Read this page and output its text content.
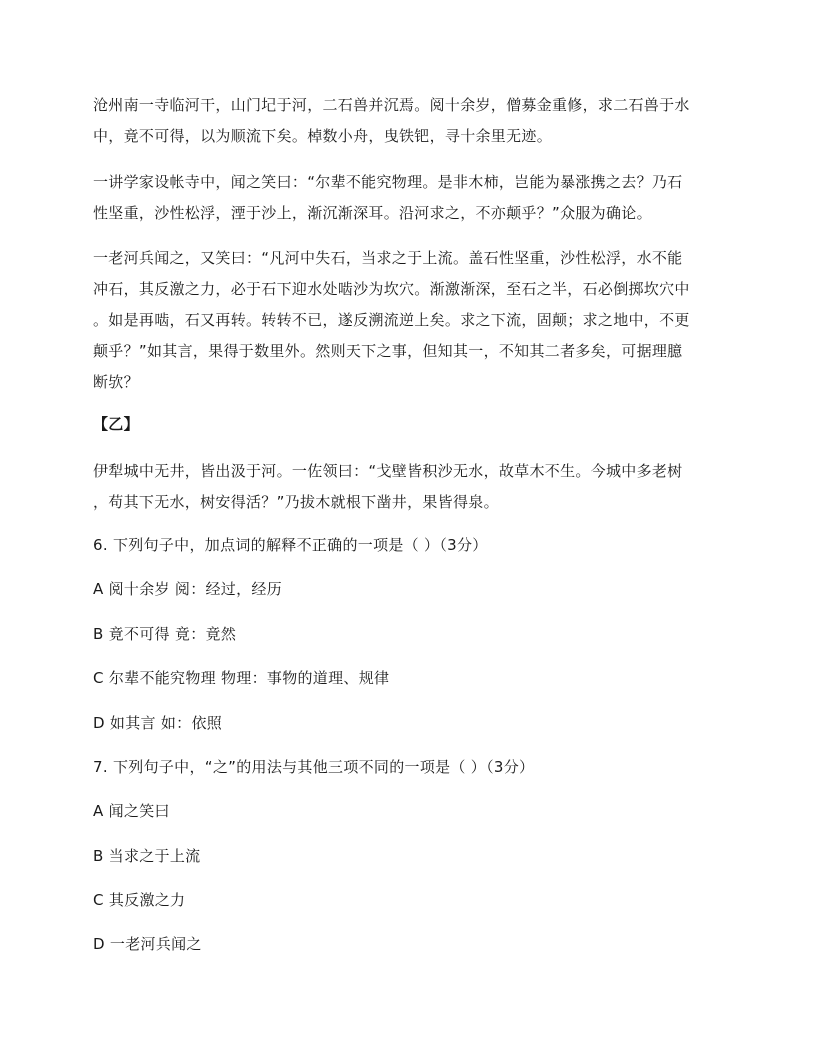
沧州南一寺临河干，山门圮于河，二石兽并沉焉。阅十余岁，僧募金重修，求二石兽于水
中，竟不可得，以为顺流下矣。棹数小舟，曳铁钯，寻十余里无迹。
一讲学家设帐寺中，闻之笑曰：“尔辈不能究物理。是非木柿，岂能为暴涨携之去？乃石
性坚重，沙性松浮，湮于沙上，渐沉渐深耳。沿河求之，不亦颠乎？”众服为确论。
一老河兵闻之，又笑曰：“凡河中失石，当求之于上流。盖石性坚重，沙性松浮，水不能
冲石，其反激之力，必于石下迎水处啮沙为坎穴。渐激渐深，至石之半，石必倒掷坎穴中
。如是再啮，石又再转。转转不已，遂反溯流逆上矣。求之下流，固颠；求之地中，不更
颠乎？”如其言，果得于数里外。然则天下之事，但知其一，不知其二者多矣，可据理臆
断欤？
【乙】
伊犁城中无井，皆出汲于河。一佐领曰：“戈壁皆积沙无水，故草木不生。今城中多老树
，苟其下无水，树安得活？”乃拔木就根下凿井，果皆得泉。
6. 下列句子中，加点词的解释不正确的一项是（ ）（3分）
A 阅十余岁 阅：经过，经历
B 竟不可得 竟：竟然
C 尔辈不能究物理 物理：事物的道理、规律
D 如其言 如：依照
7. 下列句子中，“之”的用法与其他三项不同的一项是（ ）（3分）
A 闻之笑曰
B 当求之于上流
C 其反激之力
D 一老河兵闻之
